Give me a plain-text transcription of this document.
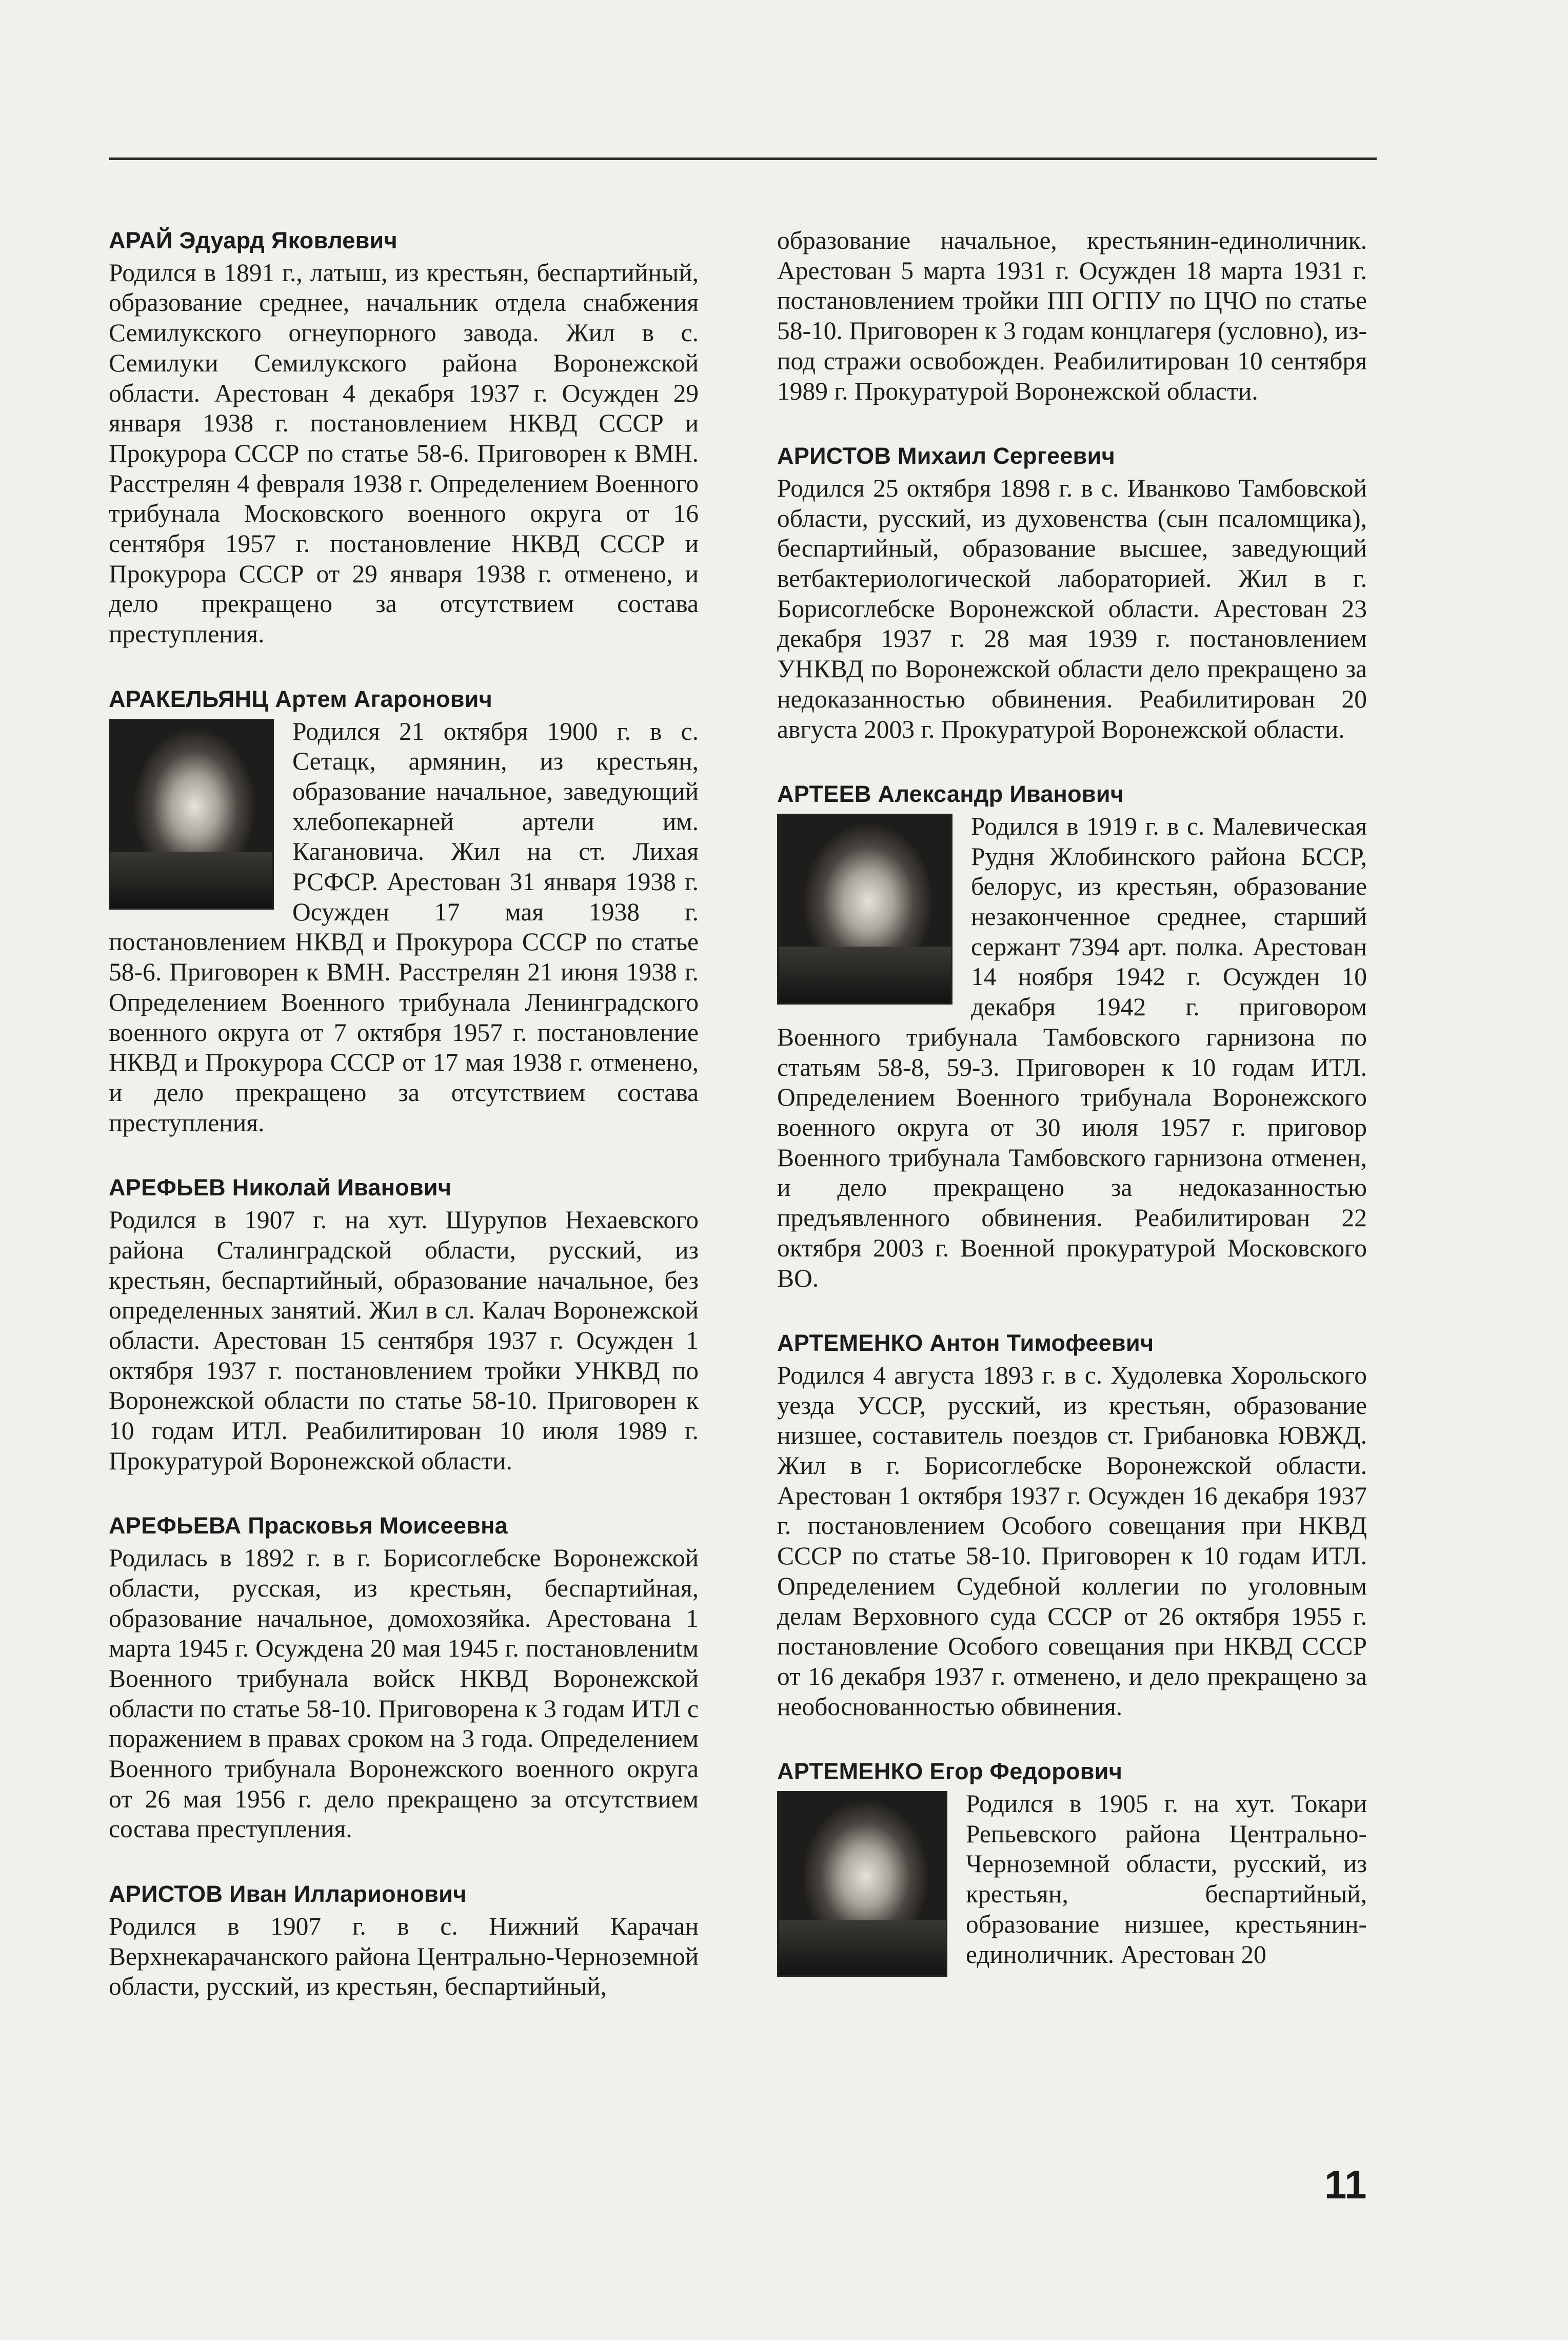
АРАЙ Эдуард Яковлевич
Родился в 1891 г., латыш, из крестьян, беспартийный, образование среднее, начальник отдела снабжения Семилукского огнеупорного завода. Жил в с. Семилуки Семилукского района Воронежской области. Арестован 4 декабря 1937 г. Осужден 29 января 1938 г. постановлением НКВД СССР и Прокурора СССР по статье 58-6. Приговорен к ВМН. Расстрелян 4 февраля 1938 г. Определением Военного трибунала Московского военного округа от 16 сентября 1957 г. постановление НКВД СССР и Прокурора СССР от 29 января 1938 г. отменено, и дело прекращено за отсутствием состава преступления.
АРАКЕЛЬЯНЦ Артем Агаронович
Родился 21 октября 1900 г. в с. Сетацк, армянин, из крестьян, образование начальное, заведующий хлебопекарней артели им. Кагановича. Жил на ст. Лихая РСФСР. Арестован 31 января 1938 г. Осужден 17 мая 1938 г. постановлением НКВД и Прокурора СССР по статье 58-6. Приговорен к ВМН. Расстрелян 21 июня 1938 г. Определением Военного трибунала Ленинградского военного округа от 7 октября 1957 г. постановление НКВД и Прокурора СССР от 17 мая 1938 г. отменено, и дело прекращено за отсутствием состава преступления.
АРЕФЬЕВ Николай Иванович
Родился в 1907 г. на хут. Шурупов Нехаевского района Сталинградской области, русский, из крестьян, беспартийный, образование начальное, без определенных занятий. Жил в сл. Калач Воронежской области. Арестован 15 сентября 1937 г. Осужден 1 октября 1937 г. постановлением тройки УНКВД по Воронежской области по статье 58-10. Приговорен к 10 годам ИТЛ. Реабилитирован 10 июля 1989 г. Прокуратурой Воронежской области.
АРЕФЬЕВА Прасковья Моисеевна
Родилась в 1892 г. в г. Борисоглебске Воронежской области, русская, из крестьян, беспартийная, образование начальное, домохозяйка. Арестована 1 марта 1945 г. Осуждена 20 мая 1945 г. постановлениtм Военного трибунала войск НКВД Воронежской области по статье 58-10. Приговорена к 3 годам ИТЛ с поражением в правах сроком на 3 года. Определением Военного трибунала Воронежского военного округа от 26 мая 1956 г. дело прекращено за отсутствием состава преступления.
АРИСТОВ Иван Илларионович
Родился в 1907 г. в с. Нижний Карачан Верхнекарачанского района Центрально-Черноземной области, русский, из крестьян, беспартийный,
образование начальное, крестьянин-единоличник. Арестован 5 марта 1931 г. Осужден 18 марта 1931 г. постановлением тройки ПП ОГПУ по ЦЧО по статье 58-10. Приговорен к 3 годам концлагеря (условно), из-под стражи освобожден. Реабилитирован 10 сентября 1989 г. Прокуратурой Воронежской области.
АРИСТОВ Михаил Сергеевич
Родился 25 октября 1898 г. в с. Иванково Тамбовской области, русский, из духовенства (сын псаломщика), беспартийный, образование высшее, заведующий ветбактериологической лабораторией. Жил в г. Борисоглебске Воронежской области. Арестован 23 декабря 1937 г. 28 мая 1939 г. постановлением УНКВД по Воронежской области дело прекращено за недоказанностью обвинения. Реабилитирован 20 августа 2003 г. Прокуратурой Воронежской области.
АРТЕЕВ Александр Иванович
Родился в 1919 г. в с. Малевическая Рудня Жлобинского района БССР, белорус, из крестьян, образование незаконченное среднее, старший сержант 7394 арт. полка. Арестован 14 ноября 1942 г. Осужден 10 декабря 1942 г. приговором Военного трибунала Тамбовского гарнизона по статьям 58-8, 59-3. Приговорен к 10 годам ИТЛ. Определением Военного трибунала Воронежского военного округа от 30 июля 1957 г. приговор Военного трибунала Тамбовского гарнизона отменен, и дело прекращено за недоказанностью предъявленного обвинения. Реабилитирован 22 октября 2003 г. Военной прокуратурой Московского ВО.
АРТЕМЕНКО Антон Тимофеевич
Родился 4 августа 1893 г. в с. Худолевка Хорольского уезда УССР, русский, из крестьян, образование низшее, составитель поездов ст. Грибановка ЮВЖД. Жил в г. Борисоглебске Воронежской области. Арестован 1 октября 1937 г. Осужден 16 декабря 1937 г. постановлением Особого совещания при НКВД СССР по статье 58-10. Приговорен к 10 годам ИТЛ. Определением Судебной коллегии по уголовным делам Верховного суда СССР от 26 октября 1955 г. постановление Особого совещания при НКВД СССР от 16 декабря 1937 г. отменено, и дело прекращено за необоснованностью обвинения.
АРТЕМЕНКО Егор Федорович
Родился в 1905 г. на хут. Токари Репьевского района Центрально-Черноземной области, русский, из крестьян, беспартийный, образование низшее, крестьянин-единоличник. Арестован 20
11
